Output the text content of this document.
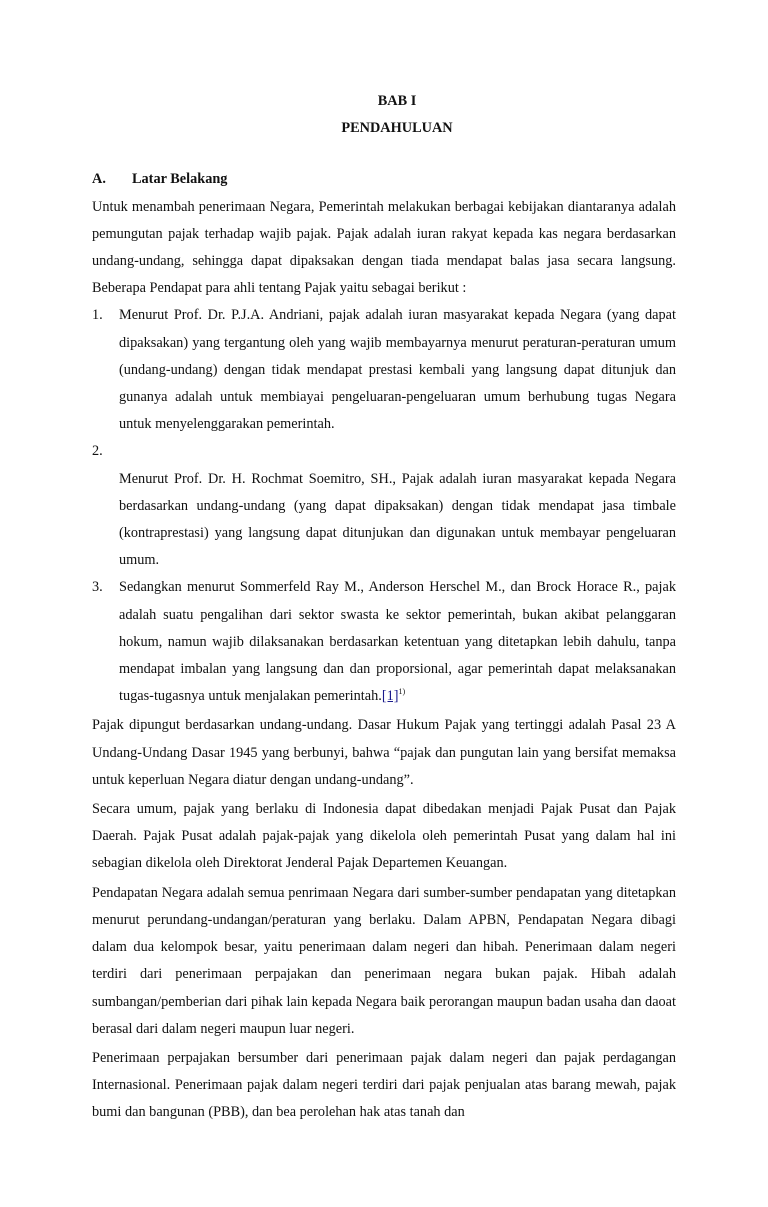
BAB I
PENDAHULUAN
A.	Latar Belakang

Untuk menambah penerimaan Negara, Pemerintah melakukan berbagai kebijakan diantaranya adalah pemungutan pajak terhadap wajib pajak. Pajak adalah iuran rakyat kepada kas negara berdasarkan undang-undang, sehingga dapat dipaksakan dengan tiada mendapat balas jasa secara langsung. Beberapa Pendapat para ahli tentang Pajak yaitu sebagai berikut :

1.	Menurut Prof. Dr. P.J.A. Andriani, pajak adalah iuran masyarakat kepada Negara (yang dapat dipaksakan) yang tergantung oleh yang wajib membayarnya menurut peraturan-peraturan umum (undang-undang) dengan tidak mendapat prestasi kembali yang langsung dapat ditunjuk dan gunanya adalah untuk membiayai pengeluaran-pengeluaran umum berhubung tugas Negara untuk menyelenggarakan pemerintah.
2.
Menurut Prof. Dr. H. Rochmat Soemitro, SH., Pajak adalah iuran masyarakat kepada Negara berdasarkan undang-undang (yang dapat dipaksakan) dengan tidak mendapat jasa timbale (kontraprestasi) yang langsung dapat ditunjukan dan digunakan untuk membayar pengeluaran umum.
3.	Sedangkan menurut Sommerfeld Ray M., Anderson Herschel M., dan Brock Horace R., pajak adalah suatu pengalihan dari sektor swasta ke sektor pemerintah, bukan akibat pelanggaran hokum, namun wajib dilaksanakan berdasarkan ketentuan yang ditetapkan lebih dahulu, tanpa mendapat imbalan yang langsung dan dan proporsional, agar pemerintah dapat melaksanakan tugas-tugasnya untuk menjalakan $pemerintah.[1]^{1)}$

Pajak dipungut berdasarkan undang-undang. Dasar Hukum Pajak yang tertinggi adalah Pasal 23 A Undang-Undang Dasar 1945 yang berbunyi, bahwa “pajak dan pungutan lain yang bersifat memaksa untuk keperluan Negara diatur dengan undang-undang”.

Secara umum, pajak yang berlaku di Indonesia dapat dibedakan menjadi Pajak Pusat dan Pajak Daerah. Pajak Pusat adalah pajak-pajak yang dikelola oleh pemerintah Pusat yang dalam hal ini sebagian dikelola oleh Direktorat Jenderal Pajak Departemen Keuangan.

Pendapatan Negara adalah semua penrimaan Negara dari sumber-sumber pendapatan yang ditetapkan menurut perundang-undangan/peraturan yang berlaku. Dalam APBN, Pendapatan Negara dibagi dalam dua kelompok besar, yaitu penerimaan dalam negeri dan hibah. Penerimaan dalam negeri terdiri dari penerimaan perpajakan dan penerimaan negara bukan pajak. Hibah adalah sumbangan/pemberian dari pihak lain kepada Negara baik perorangan maupun badan usaha dan daoat berasal dari dalam negeri maupun luar negeri.

Penerimaan perpajakan bersumber dari penerimaan pajak dalam negeri dan pajak perdagangan Internasional. Penerimaan pajak dalam negeri terdiri dari pajak penjualan atas barang mewah, pajak bumi dan bangunan (PBB), dan bea perolehan hak atas tanah dan
